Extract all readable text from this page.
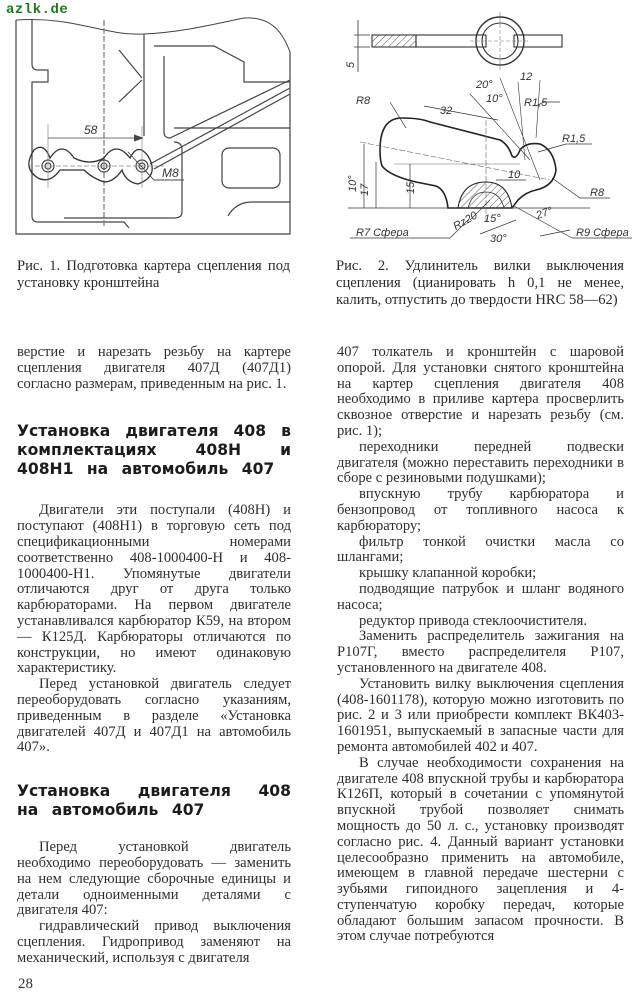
azlk.de
58
M8
Рис. 1. Подготовка картера сцепления под установку кронштейна
5
10° 17	15
R8
32
20°
10°
12
R1,5
R1,5
10
R8
Rz20 15°	27°
30°
R7 Сфера	R9 Сфера
Рис. 2. Удлинитель вилки выключения сцепления (цианировать h 0,1 не менее, калить, отпустить до твердости HRC 58—62)

верстие и нарезать резьбу на картере сцепления двигателя 407Д (407Д1) согласно размерам, приведенным на рис. 1.

Установка двигателя 408 в комплектациях 408Н и 408Н1 на автомобиль 407

Двигатели эти поступали (408Н) и поступают (408Н1) в торговую сеть под спецификационными номерами соответственно 408-1000400-Н и 408-1000400-Н1. Упомянутые двигатели отличаются друг от друга только карбюраторами. На первом двигателе устанавливался карбюратор К59, на втором — К125Д. Карбюраторы отличаются по конструкции, но имеют одинаковую характеристику.

Перед установкой двигатель следует переоборудовать согласно указаниям, приведенным в разделе «Установка двигателей 407Д и 407Д1 на автомобиль 407».

Установка двигателя 408 на автомобиль 407

Перед установкой двигатель необходимо переоборудовать — заменить на нем следующие сборочные единицы и детали одноименными деталями с двигателя 407:

гидравлический привод выключения сцепления. Гидропривод заменяют на механический, используя с двигателя

407 толкатель и кронштейн с шаровой опорой. Для установки снятого кронштейна на картер сцепления двигателя 408 необходимо в приливе картера просверлить сквозное отверстие и нарезать резьбу (см. рис. 1);

переходники передней подвески двигателя (можно переставить переходники в сборе с резиновыми подушками);

впускную трубу карбюратора и бензопровод от топливного насоса к карбюратору;

фильтр тонкой очистки масла со шлангами;

крышку клапанной коробки;

подводящие патрубок и шланг водяного насоса;

редуктор привода стеклоочистителя.

Заменить распределитель зажигания на Р107Г, вместо распределителя Р107, установленного на двигателе 408.

Установить вилку выключения сцепления (408-1601178), которую можно изготовить по рис. 2 и 3 или приобрести комплект ВК403-1601951, выпускаемый в запасные части для ремонта автомобилей 402 и 407.

В случае необходимости сохранения на двигателе 408 впускной трубы и карбюратора К126П, который в сочетании с упомянутой впускной трубой позволяет снимать мощность до 50 л. с., установку производят согласно рис. 4. Данный вариант установки целесообразно применить на автомобиле, имеющем в главной передаче шестерни с зубьями гипоидного зацепления и 4-ступенчатую коробку передач, которые обладают большим запасом прочности. В этом случае потребуются

28
